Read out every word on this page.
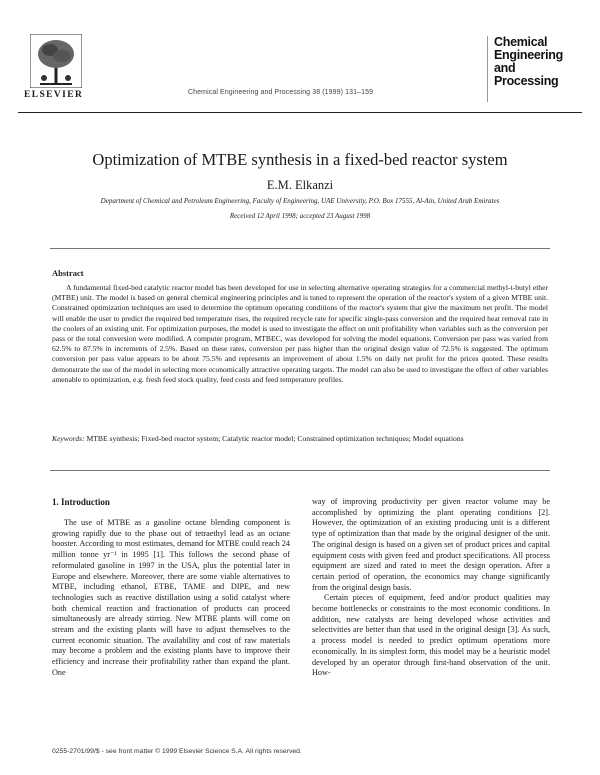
ELSEVIER	Chemical Engineering and Processing 38 (1999) 131–159
Chemical
Engineering
and
Processing
Optimization of MTBE synthesis in a fixed-bed reactor system
E.M. Elkanzi
Department of Chemical and Petroleum Engineering, Faculty of Engineering, UAE University, P.O. Box 17555, Al-Ain, United Arab Emirates
Received 12 April 1998; accepted 23 August 1998
Abstract

A fundamental fixed-bed catalytic reactor model has been developed for use in selecting alternative operating strategies for a commercial methyl-t-butyl ether (MTBE) unit. The model is based on general chemical engineering principles and is tuned to represent the operation of the reactor's system of a given MTBE unit. Constrained optimization techniques are used to determine the optimum operating conditions of the reactor's system that give the maximum net profit. The model will enable the user to predict the required bed temperature rises, the required recycle rate for specific single-pass conversion and the required heat removal rate in the coolers of an existing unit. For optimization purposes, the model is used to investigate the effect on unit profitability when variables such as the conversion per pass or the total conversion were modified. A computer program, MTBEC, was developed for solving the model equations. Conversion per pass was varied from 62.5% to 87.5% in increments of 2.5%. Based on these rates, conversion per pass higher than the original design value of 72.5% is suggested. The optimum conversion per pass value appears to be about 75.5% and represents an improvement of about 1.5% on daily net profit for the prices quoted. These results demonstrate the use of the model in selecting more economically attractive operating targets. The model can also be used to investigate the effect of other variables amenable to optimization, e.g. fresh feed stock quality, feed costs and feed temperature profiles.

Keywords: MTBE synthesis; Fixed-bed reactor system; Catalytic reactor model; Constrained optimization techniques; Model equations
1. Introduction

The use of MTBE as a gasoline octane blending component is growing rapidly due to the phase out of tetraethyl lead as an octane booster. According to most estimates, demand for MTBE could reach 24 million tonne yr⁻¹ in 1995 [1]. This follows the second phase of reformulated gasoline in 1997 in the USA, plus the potential later in Europe and elsewhere. Moreover, there are some viable alternatives to MTBE, including ethanol, ETBE, TAME and DIPE, and new technologies such as reactive distillation using a solid catalyst where both chemical reaction and fractionation of products can proceed simultaneously are already stirring. New MTBE plants will come on stream and the existing plants will have to adjust themselves to the current economic situation. The availability and cost of raw materials may become a problem and the existing plants have to improve their efficiency and increase their profitability rather than expand the plant. One

way of improving productivity per given reactor volume may be accomplished by optimizing the plant operating conditions [2]. However, the optimization of an existing producing unit is a different type of optimization than that made by the original designer of the unit. The original design is based on a given set of product prices and capital equipment costs with given feed and product specifications. All process equipment are sized and rated to meet the design operation. After a certain period of operation, the economics may change significantly from the original design basis.

Certain pieces of equipment, feed and/or product qualities may become bottlenecks or constraints to the most economic conditions. In addition, new catalysts are being developed whose activities and selectivities are better than that used in the original design [3]. As such, a process model is needed to predict optimum operations more economically. In its simplest form, this model may be a heuristic model developed by an operator through first-hand observation of the unit. How-

0255-2701/99/$ - see front matter © 1999 Elsevier Science S.A. All rights reserved.
